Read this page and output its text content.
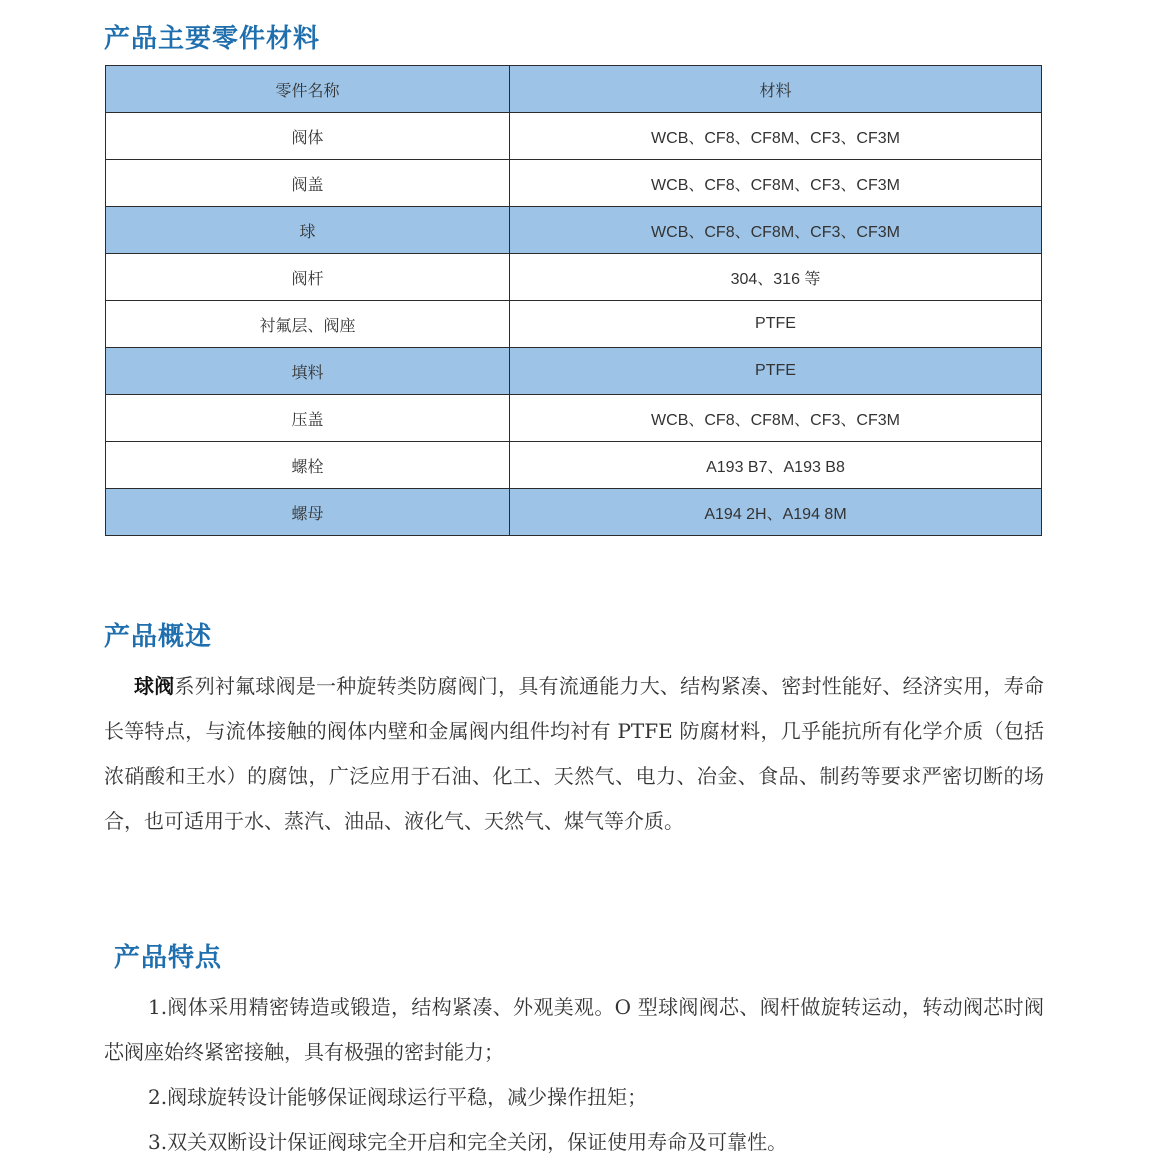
产品主要零件材料
零件名称	材料
阀体	WCB、CF8、CF8M、CF3、CF3M
阀盖	WCB、CF8、CF8M、CF3、CF3M
球	WCB、CF8、CF8M、CF3、CF3M
阀杆	304、316 等
衬氟层、阀座	PTFE
填料	PTFE
压盖	WCB、CF8、CF8M、CF3、CF3M
螺栓	A193 B7、A193 B8
螺母	A194 2H、A194 8M
产品概述

球阀系列衬氟球阀是一种旋转类防腐阀门，具有流通能力大、结构紧凑、密封性能好、经济实用，寿命长等特点，与流体接触的阀体内壁和金属阀内组件均衬有 PTFE 防腐材料，几乎能抗所有化学介质（包括浓硝酸和王水）的腐蚀，广泛应用于石油、化工、天然气、电力、冶金、食品、制药等要求严密切断的场合，也可适用于水、蒸汽、油品、液化气、天然气、煤气等介质。

产品特点

1.阀体采用精密铸造或锻造，结构紧凑、外观美观。O 型球阀阀芯、阀杆做旋转运动，转动阀芯时阀芯阀座始终紧密接触，具有极强的密封能力；

2.阀球旋转设计能够保证阀球运行平稳，减少操作扭矩；

3.双关双断设计保证阀球完全开启和完全关闭，保证使用寿命及可靠性。
